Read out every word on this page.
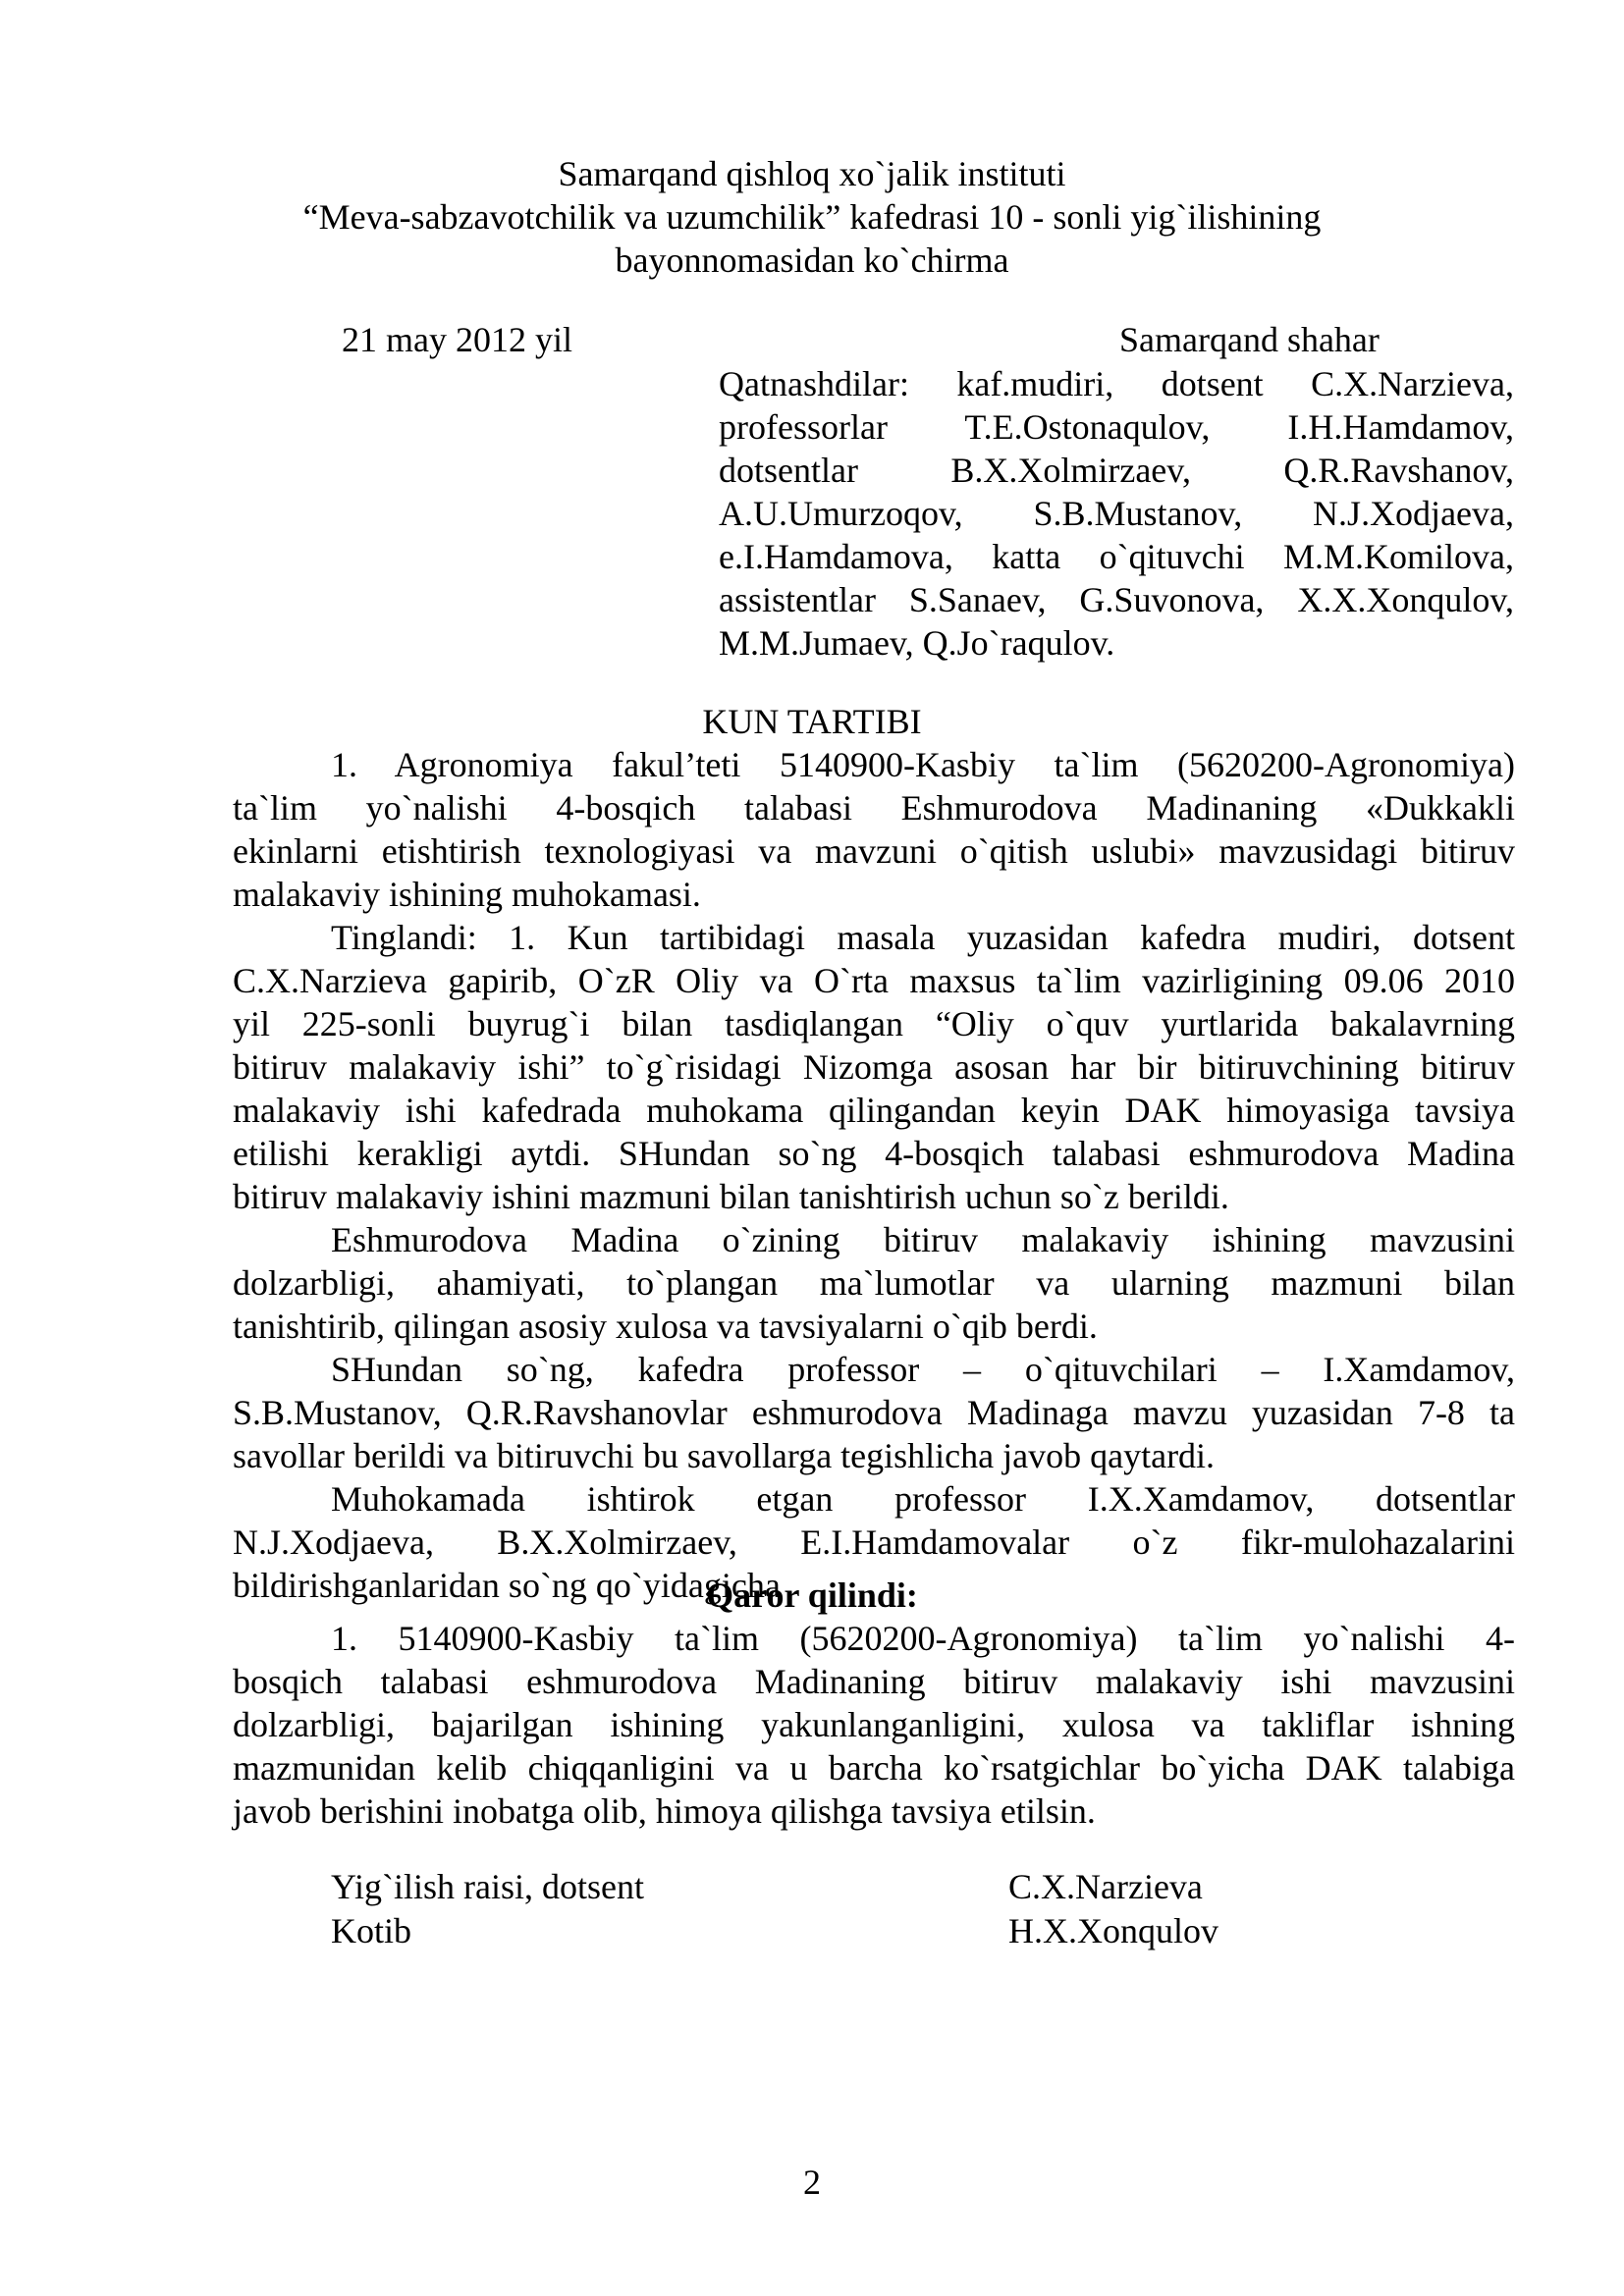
Samarqand qishloq xo`jalik instituti
“Meva-sabzavotchilik va uzumchilik” kafedrasi 10 - sonli yig`ilishining
bayonnomasidan ko`chirma
21 may 2012 yil	Samarqand shahar
Qatnashdilar: kaf.mudiri, dotsent C.X.Narzieva,
professorlar T.E.Ostonaqulov, I.H.Hamdamov,
dotsentlar B.X.Xolmirzaev, Q.R.Ravshanov,
A.U.Umurzoqov, S.B.Mustanov, N.J.Xodjaeva,
e.I.Hamdamova, katta o`qituvchi M.M.Komilova,
assistentlar S.Sanaev, G.Suvonova, X.X.Xonqulov,
M.M.Jumaev, Q.Jo`raqulov.
KUN TARTIBI
1. Agronomiya fakul’teti 5140900-Kasbiy ta`lim (5620200-Agronomiya)
ta`lim yo`nalishi 4-bosqich talabasi Eshmurodova Madinaning «Dukkakli
ekinlarni etishtirish texnologiyasi va mavzuni o`qitish uslubi» mavzusidagi bitiruv
malakaviy ishining muhokamasi.
Tinglandi: 1. Kun tartibidagi masala yuzasidan kafedra mudiri, dotsent
C.X.Narzieva gapirib, O`zR Oliy va O`rta maxsus ta`lim vazirligining 09.06 2010
yil 225-sonli buyrug`i bilan tasdiqlangan “Oliy o`quv yurtlarida bakalavrning
bitiruv malakaviy ishi” to`g`risidagi Nizomga asosan har bir bitiruvchining bitiruv
malakaviy ishi kafedrada muhokama qilingandan keyin DAK himoyasiga tavsiya
etilishi kerakligi aytdi. SHundan so`ng 4-bosqich talabasi eshmurodova Madina
bitiruv malakaviy ishini mazmuni bilan tanishtirish uchun so`z berildi.
Eshmurodova Madina o`zining bitiruv malakaviy ishining mavzusini
dolzarbligi, ahamiyati, to`plangan ma`lumotlar va ularning mazmuni bilan
tanishtirib, qilingan asosiy xulosa va tavsiyalarni o`qib berdi.
SHundan so`ng, kafedra professor – o`qituvchilari – I.Xamdamov,
S.B.Mustanov, Q.R.Ravshanovlar eshmurodova Madinaga mavzu yuzasidan 7-8 ta
savollar berildi va bitiruvchi bu savollarga tegishlicha javob qaytardi.
Muhokamada ishtirok etgan professor I.X.Xamdamov, dotsentlar
N.J.Xodjaeva, B.X.Xolmirzaev, E.I.Hamdamovalar o`z fikr-mulohazalarini
bildirishganlaridan so`ng qo`yidagicha
Qaror qilindi:
1. 5140900-Kasbiy ta`lim (5620200-Agronomiya) ta`lim yo`nalishi 4-
bosqich talabasi eshmurodova Madinaning bitiruv malakaviy ishi mavzusini
dolzarbligi, bajarilgan ishining yakunlanganligini, xulosa va takliflar ishning
mazmunidan kelib chiqqanligini va u barcha ko`rsatgichlar bo`yicha DAK talabiga
javob berishini inobatga olib, himoya qilishga tavsiya etilsin.
Yig`ilish raisi, dotsent	C.X.Narzieva
Kotib	H.X.Xonqulov
2
